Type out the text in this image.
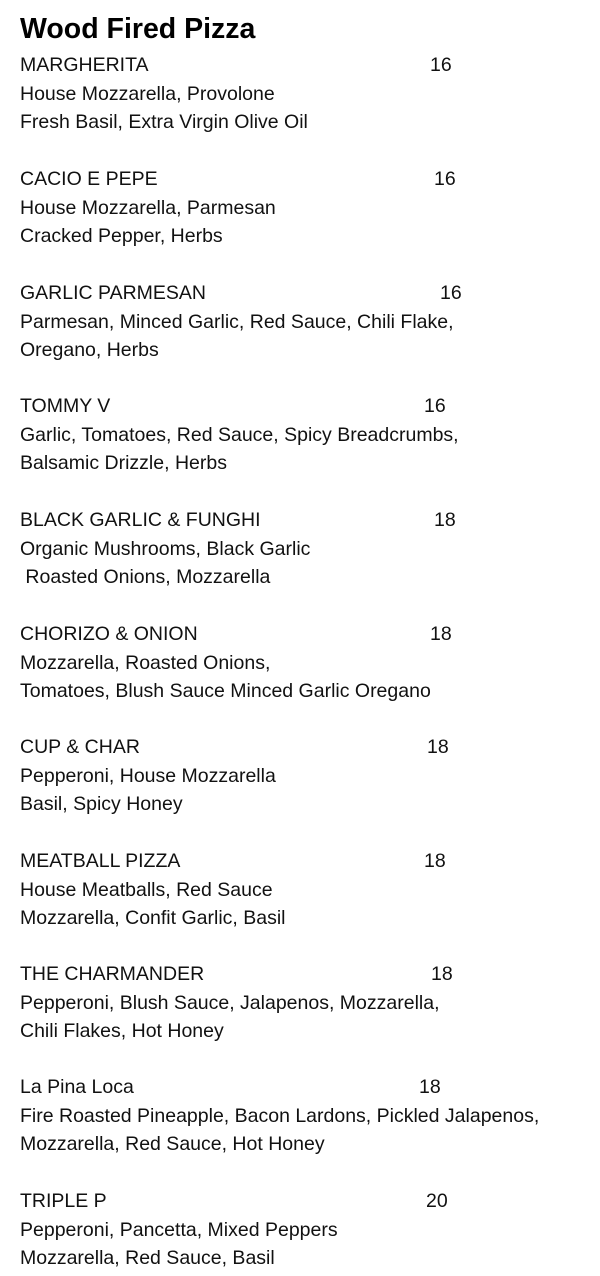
Wood Fired Pizza
MARGHERITA	16
House Mozzarella, Provolone
Fresh Basil, Extra Virgin Olive Oil
CACIO E PEPE	16
House Mozzarella, Parmesan
Cracked Pepper, Herbs
GARLIC PARMESAN	16
Parmesan, Minced Garlic, Red Sauce, Chili Flake,
Oregano, Herbs
TOMMY V	16
Garlic, Tomatoes, Red Sauce, Spicy Breadcrumbs,
Balsamic Drizzle, Herbs
BLACK GARLIC & FUNGHI	18
Organic Mushrooms, Black Garlic
Roasted Onions, Mozzarella
CHORIZO & ONION	18
Mozzarella, Roasted Onions,
Tomatoes, Blush Sauce Minced Garlic Oregano
CUP & CHAR	18
Pepperoni, House Mozzarella
Basil, Spicy Honey
MEATBALL PIZZA	18
House Meatballs, Red Sauce
Mozzarella, Confit Garlic, Basil
THE CHARMANDER	18
Pepperoni, Blush Sauce, Jalapenos, Mozzarella,
Chili Flakes, Hot Honey
La Pina Loca	18
Fire Roasted Pineapple, Bacon Lardons, Pickled Jalapenos,
Mozzarella, Red Sauce, Hot Honey
TRIPLE P	20
Pepperoni, Pancetta, Mixed Peppers
Mozzarella, Red Sauce, Basil
